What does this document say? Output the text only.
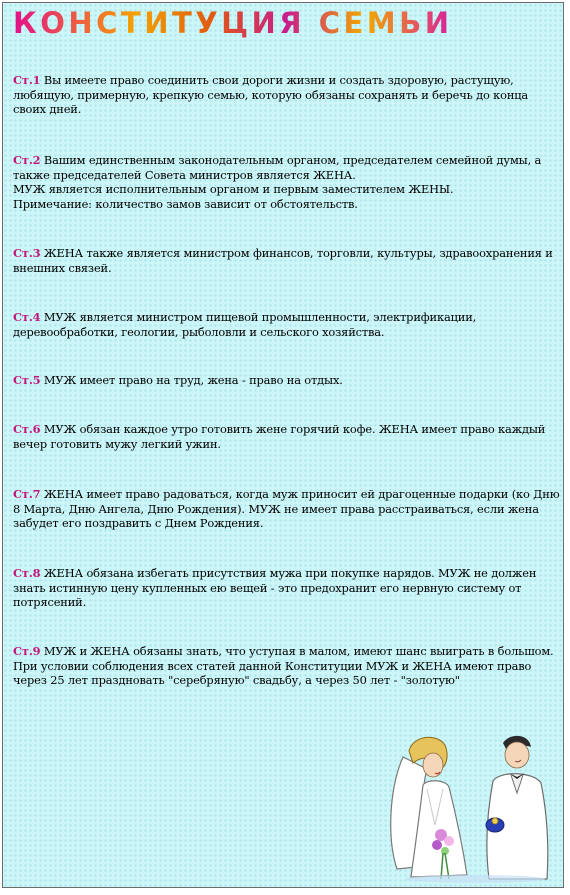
КОНСТИТУЦИЯ СЕМЬИ

Ст.1 Вы имеете право соединить свои дороги жизни и создать здоровую, растущую, любящую, примерную, крепкую семью, которую обязаны сохранять и беречь до конца своих дней.

Ст.2 Вашим единственным законодательным органом, председателем семейной думы, а также председателей Совета министров является ЖЕНА.
МУЖ является исполнительным органом и первым заместителем ЖЕНЫ.
Примечание: количество замов зависит от обстоятельств.

Ст.3 ЖЕНА также является министром финансов, торговли, культуры, здравоохранения и внешних связей.

Ст.4 МУЖ является министром пищевой промышленности, электрификации, деревообработки, геологии, рыболовли и сельского хозяйства.

Ст.5 МУЖ имеет право на труд, жена - право на отдых.

Ст.6 МУЖ обязан каждое утро готовить жене горячий кофе. ЖЕНА имеет право каждый вечер готовить мужу легкий ужин.

Ст.7 ЖЕНА имеет право радоваться, когда муж приносит ей драгоценные подарки (ко Дню 8 Марта, Дню Ангела, Дню Рождения). МУЖ не имеет права расстраиваться, если жена забудет его поздравить с Днем Рождения.

Ст.8 ЖЕНА обязана избегать присутствия мужа при покупке нарядов. МУЖ не должен знать истинную цену купленных ею вещей - это предохранит его нервную систему от потрясений.

Ст.9 МУЖ и ЖЕНА обязаны знать, что уступая в малом, имеют шанс выиграть в большом.
При условии соблюдения всех статей данной Конституции МУЖ и ЖЕНА имеют право через 25 лет праздновать "серебряную" свадьбу, а через 50 лет - "золотую"
